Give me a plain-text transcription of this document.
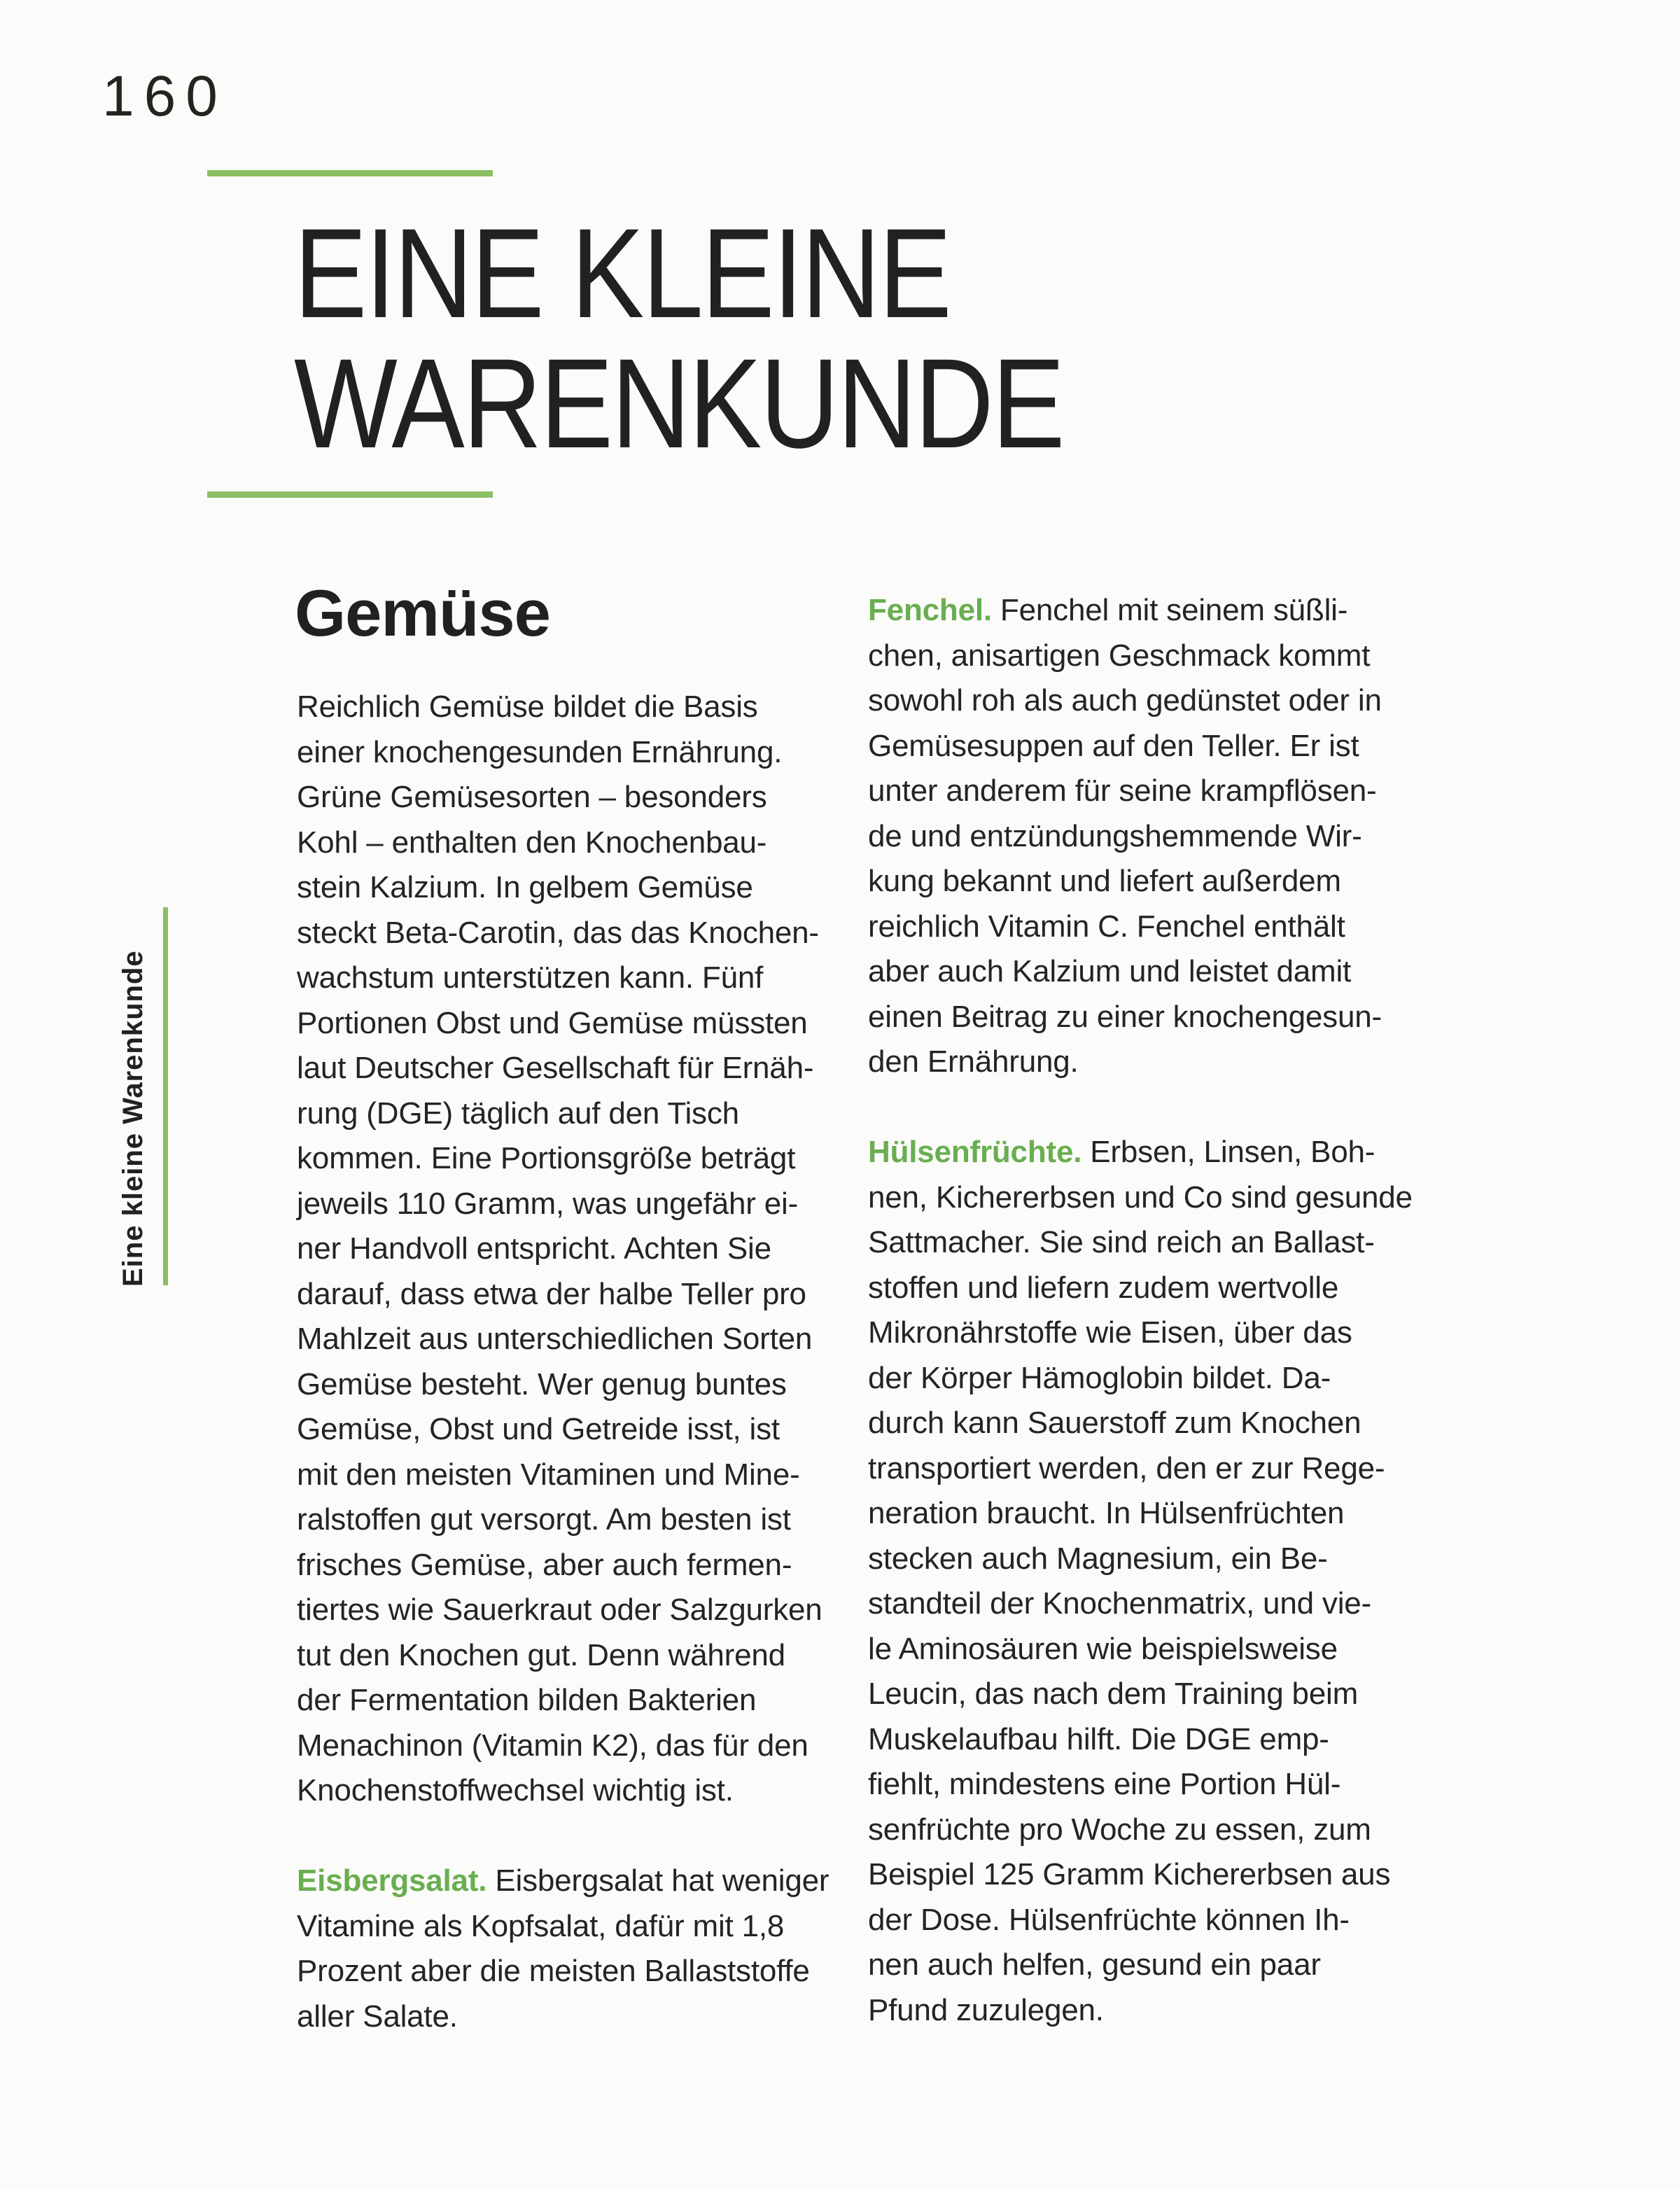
160
EINE KLEINE
WARENKUNDE
Eine kleine Warenkunde
Gemüse

Reichlich Gemüse bildet die Basis
einer knochengesunden Ernährung.
Grüne Gemüsesorten – besonders
Kohl – enthalten den Knochenbau-
stein Kalzium. In gelbem Gemüse
steckt Beta-Carotin, das das Knochen-
wachstum unterstützen kann. Fünf
Portionen Obst und Gemüse müssten
laut Deutscher Gesellschaft für Ernäh-
rung (DGE) täglich auf den Tisch
kommen. Eine Portionsgröße beträgt
jeweils 110 Gramm, was ungefähr ei-
ner Handvoll entspricht. Achten Sie
darauf, dass etwa der halbe Teller pro
Mahlzeit aus unterschiedlichen Sorten
Gemüse besteht. Wer genug buntes
Gemüse, Obst und Getreide isst, ist
mit den meisten Vitaminen und Mine-
ralstoffen gut versorgt. Am besten ist
frisches Gemüse, aber auch fermen-
tiertes wie Sauerkraut oder Salzgurken
tut den Knochen gut. Denn während
der Fermentation bilden Bakterien
Menachinon (Vitamin K2), das für den
Knochenstoffwechsel wichtig ist.

Eisbergsalat. Eisbergsalat hat weniger
Vitamine als Kopfsalat, dafür mit 1,8
Prozent aber die meisten Ballaststoffe
aller Salate.

Fenchel. Fenchel mit seinem süßli-
chen, anisartigen Geschmack kommt
sowohl roh als auch gedünstet oder in
Gemüsesuppen auf den Teller. Er ist
unter anderem für seine krampflösen-
de und entzündungshemmende Wir-
kung bekannt und liefert außerdem
reichlich Vitamin C. Fenchel enthält
aber auch Kalzium und leistet damit
einen Beitrag zu einer knochengesun-
den Ernährung.

Hülsenfrüchte. Erbsen, Linsen, Boh-
nen, Kichererbsen und Co sind gesunde
Sattmacher. Sie sind reich an Ballast-
stoffen und liefern zudem wertvolle
Mikronährstoffe wie Eisen, über das
der Körper Hämoglobin bildet. Da-
durch kann Sauerstoff zum Knochen
transportiert werden, den er zur Rege-
neration braucht. In Hülsenfrüchten
stecken auch Magnesium, ein Be-
standteil der Knochenmatrix, und vie-
le Aminosäuren wie beispielsweise
Leucin, das nach dem Training beim
Muskelaufbau hilft. Die DGE emp-
fiehlt, mindestens eine Portion Hül-
senfrüchte pro Woche zu essen, zum
Beispiel 125 Gramm Kichererbsen aus
der Dose. Hülsenfrüchte können Ih-
nen auch helfen, gesund ein paar
Pfund zuzulegen.
